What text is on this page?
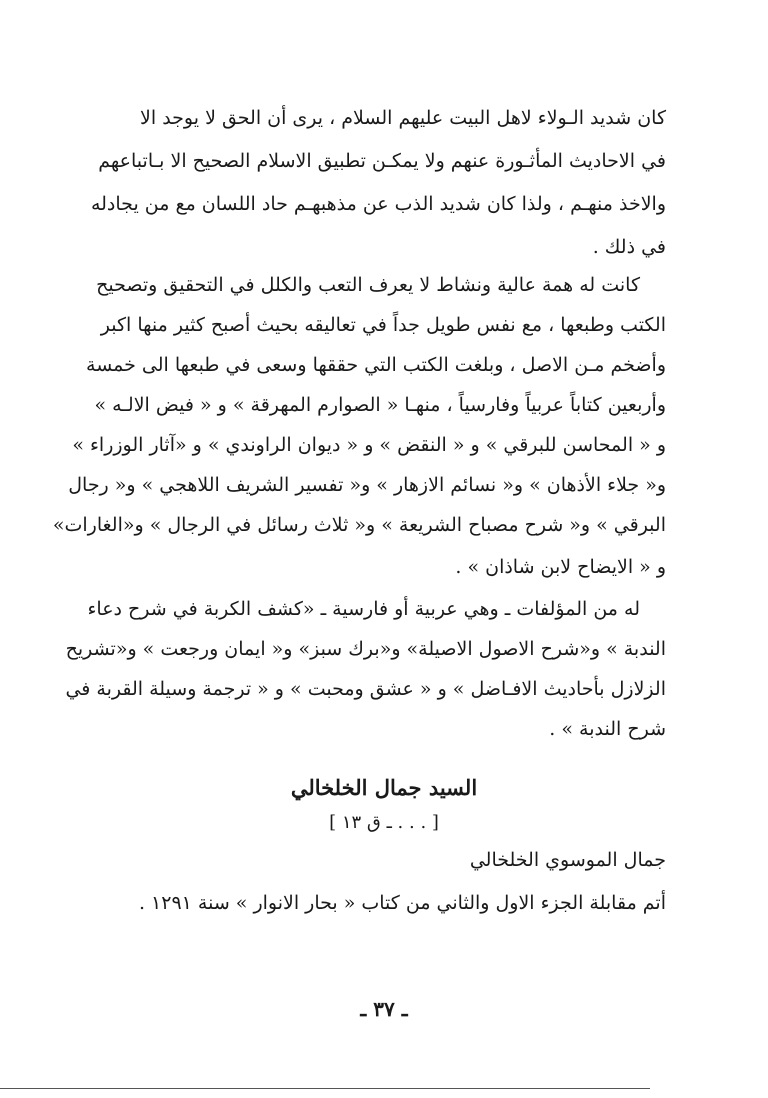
كان شديد الـولاء لاهل البيت عليهم السلام ، يرى أن الحق لا يوجد الا
في الاحاديث المأثـورة عنهم ولا يمكـن تطبيق الاسلام الصحيح الا بـاتباعهم
والاخذ منهـم ، ولذا كان شديد الذب عن مذهبهـم حاد اللسان مع من يجادله
في ذلك .
كانت له همة عالية ونشاط لا يعرف التعب والكلل في التحقيق وتصحيح
الكتب وطبعها ، مع نفس طويل جداً في تعاليقه بحيث أصبح كثير منها اكبر
وأضخم مـن الاصل ، وبلغت الكتب التي حققها وسعى في طبعها الى خمسة
وأربعين كتاباً عربياً وفارسياً ، منهـا « الصوارم المهرقة » و « فيض الالـه »
و « المحاسن للبرقي » و « النقض » و « ديوان الراوندي » و «آثار الوزراء »
و« جلاء الأذهان » و« نسائم الازهار » و« تفسير الشريف اللاهجي » و« رجال
البرقي » و« شرح مصباح الشريعة » و« ثلاث رسائل في الرجال » و«الغارات»
و « الايضاح لابن شاذان » .
له من المؤلفات ـ وهي عربية أو فارسية ـ «كشف الكربة في شرح دعاء
الندبة » و«شرح الاصول الاصيلة» و«برك سبز» و« ايمان ورجعت » و«تشريح
الزلازل بأحاديث الافـاضل » و « عشق ومحبت » و « ترجمة وسيلة القربة في
شرح الندبة » .
السيد جمال الخلخالي
[ . . . ـ ق ١٣ ]
جمال الموسوي الخلخالي
أتم مقابلة الجزء الاول والثاني من كتاب « بحار الانوار » سنة ١٢٩١ .
ـ ٣٧ ـ
